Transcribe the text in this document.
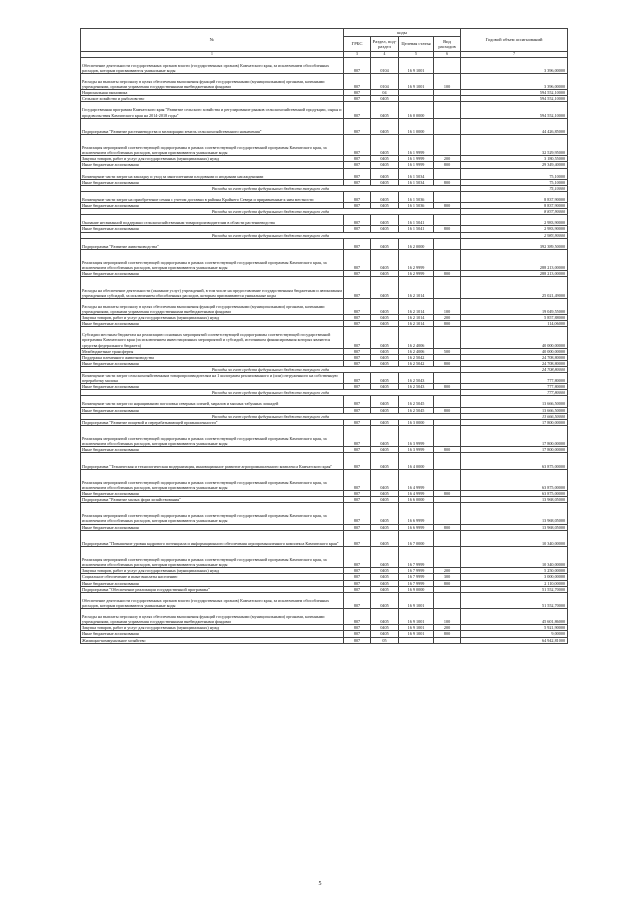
№	коды				Годовой объем ассигнований
	ГРБС	Раздел, под-раздел	Целевая статья	Вид расходов	
1	3	4	5	6	7
Обеспечение деятельности государственных органов власти (государственных органов) Камчатского края, за исключением обособленных расходов, которым присваиваются уникальные коды	807	0104	16 9 1001		3 396,00000
Расходы на выплаты персоналу в целях обеспечения выполнения функций государственными (муниципальными) органами, казенными учреждениями, органами управления государственными внебюджетными фондами	807	0104	16 9 1001	100	3 396,00000
Национальная экономика	807	04			594 552,10000
Сельское хозяйство и рыболовство	807	0405			594 552,10000
Государственная программа Камчатского края "Развитие сельского хозяйства и регулирование рынков сельскохозяйственной продукции, сырья и продовольствия Камчатского края на 2014-2018 годы"	807	0405	16 0 0000		594 552,10000
Подпрограмма "Развитие растениеводства и мелиорации земель сельскохозяйственного назначения"	807	0405	16 1 0000		44 426,85000
Реализация мероприятий соответствующей подпрограммы в рамках соответствующей государственной программы Камчатского края, за исключением обособленных расходов, которым присваиваются уникальные коды	807	0405	16 1 9999		32 529,95000
Закупка товаров, работ и услуг для государственных (муниципальных) нужд	807	0405	16 1 9999	200	3 180,55000
Иные бюджетные ассигнования	807	0405	16 1 9999	800	29 349,40000
Возмещение части затрат на закладку и уход за многолетними плодовыми и ягодными насаждениями	807	0405	16 1 5034		75,10000
Иные бюджетные ассигнования	807	0405	16 1 5034	800	75,10000
Расходы за счет средств федерального бюджета текущего года					75,10000
Возмещение части затрат на приобретение семян с учетом доставки в районы Крайнего Севера и приравненные к ним местности	807	0405	16 1 5036		8 837,90000
Иные бюджетные ассигнования	807	0405	16 1 5036	800	8 837,90000
Расходы за счет средств федерального бюджета текущего года					8 837,90000
Оказание несвязанной поддержки сельскохозяйственным товаропроизводителям в области растениеводства	807	0405	16 1 5041		2 983,90000
Иные бюджетные ассигнования	807	0405	16 1 5041	800	2 983,90000
Расходы за счет средств федерального бюджета текущего года					2 983,90000
Подпрограмма "Развитие животноводства"	807	0405	16 2 0000		392 389,50000
Реализация мероприятий соответствующей подпрограммы в рамках соответствующей государственной программы Камчатского края, за исключением обособленных расходов, которым присваиваются уникальные коды	807	0405	16 2 9999		288 213,00000
Иные бюджетные ассигнования	807	0405	16 2 9999	800	288 213,00000
Расходы на обеспечение деятельности (оказание услуг) учреждений, в том числе на предоставление государственным бюджетным и автономным учреждениям субсидий, за исключением обособленных расходов, которым присваиваются уникальные коды	807	0405	16 2 1014		25 021,49000
Расходы на выплаты персоналу в целях обеспечения выполнения функций государственными (муниципальными) органами, казенными учреждениями, органами управления государственными внебюджетными фондами	807	0405	16 2 1014	100	19 049,55000
Закупка товаров, работ и услуг для государственных (муниципальных) нужд	807	0405	16 2 1014	200	5 857,88000
Иные бюджетные ассигнования	807	0405	16 2 1014	800	114,06000
Субсидии местным бюджетам на реализацию основных мероприятий соответствующей подпрограммы соответствующей государственной программы Камчатского края (за исключением инвестиционных мероприятий и субсидий, источником финансирования которых являются средства федерального бюджета)	807	0405	16 2 4006		40 000,00000
Межбюджетные трансферты	807	0405	16 2 4006	500	40 000,00000
Поддержка племенного животноводства	807	0405	16 2 5042		24 708,80000
Иные бюджетные ассигнования	807	0405	16 2 5042	800	24 708,80000
Расходы за счет средств федерального бюджета текущего года					24 708,80000
Возмещение части затрат сельскохозяйственным товаропроизводителям на 1 килограмм реализованного и (или) отгруженного на собственную переработку молока	807	0405	16 2 5043		777,80000
Иные бюджетные ассигнования	807	0405	16 2 5043	800	777,80000
Расходы за счет средств федерального бюджета текущего года					777,80000
Возмещение части затрат по наращиванию поголовья северных оленей, маралов и мясных табунных лошадей	807	0405	16 2 5045		13 666,50000
Иные бюджетные ассигнования	807	0405	16 2 5045	800	13 666,50000
Расходы за счет средств федерального бюджета текущего года					13 666,50000
Подпрограмма "Развитие пищевой и перерабатывающей промышленности"	807	0405	16 3 0000		17 800,00000
Реализация мероприятий соответствующей подпрограммы в рамках соответствующей государственной программы Камчатского края, за исключением обособленных расходов, которым присваиваются уникальные коды	807	0405	16 3 9999		17 800,00000
Иные бюджетные ассигнования	807	0405	16 3 9999	800	17 800,00000
Подпрограмма "Техническая и технологическая модернизация, инновационное развитие агропромышленного комплекса Камчатского края"	807	0405	16 4 0000		63 875,00000
Реализация мероприятий соответствующей подпрограммы в рамках соответствующей государственной программы Камчатского края, за исключением обособленных расходов, которым присваиваются уникальные коды	807	0405	16 4 9999		63 875,00000
Иные бюджетные ассигнования	807	0405	16 4 9999	800	63 875,00000
Подпрограмма "Развитие малых форм хозяйствования"	807	0405	16 6 0000		13 968,05000
Реализация мероприятий соответствующей подпрограммы в рамках соответствующей государственной программы Камчатского края, за исключением обособленных расходов, которым присваиваются уникальные коды	807	0405	16 6 9999		13 968,05000
Иные бюджетные ассигнования	807	0405	16 6 9999	800	13 968,05000
Подпрограмма "Повышение уровня кадрового потенциала и информационного обеспечения агропромышленного комплекса Камчатского края"	807	0405	16 7 0000		10 340,00000
Реализация мероприятий соответствующей подпрограммы в рамках соответствующей государственной программы Камчатского края, за исключением обособленных расходов, которым присваиваются уникальные коды	807	0405	16 7 9999		10 340,00000
Закупка товаров, работ и услуг для государственных (муниципальных) нужд	807	0405	16 7 9999	200	5 250,00000
Социальное обеспечение и иные выплаты населению	807	0405	16 7 9999	300	3 000,00000
Иные бюджетные ассигнования	807	0405	16 7 9999	800	2 110,00000
Подпрограмма "Обеспечение реализации государственной программы"	807	0405	16 9 0000		51 552,70000
Обеспечение деятельности государственных органов власти (государственных органов) Камчатского края, за исключением обособленных расходов, которым присваиваются уникальные коды	807	0405	16 9 1001		51 552,70000
Расходы на выплаты персоналу в целях обеспечения выполнения функций государственными (муниципальными) органами, казенными учреждениями, органами управления государственными внебюджетными фондами	807	0405	16 9 1001	100	45 601,86000
Закупка товаров, работ и услуг для государственных (муниципальных) нужд	807	0405	16 9 1001	200	5 921,90000
Иные бюджетные ассигнования	807	0405	16 9 1001	800	9,00000
Жилищно-коммунальное хозяйство	807	05			64 942,81000
5
